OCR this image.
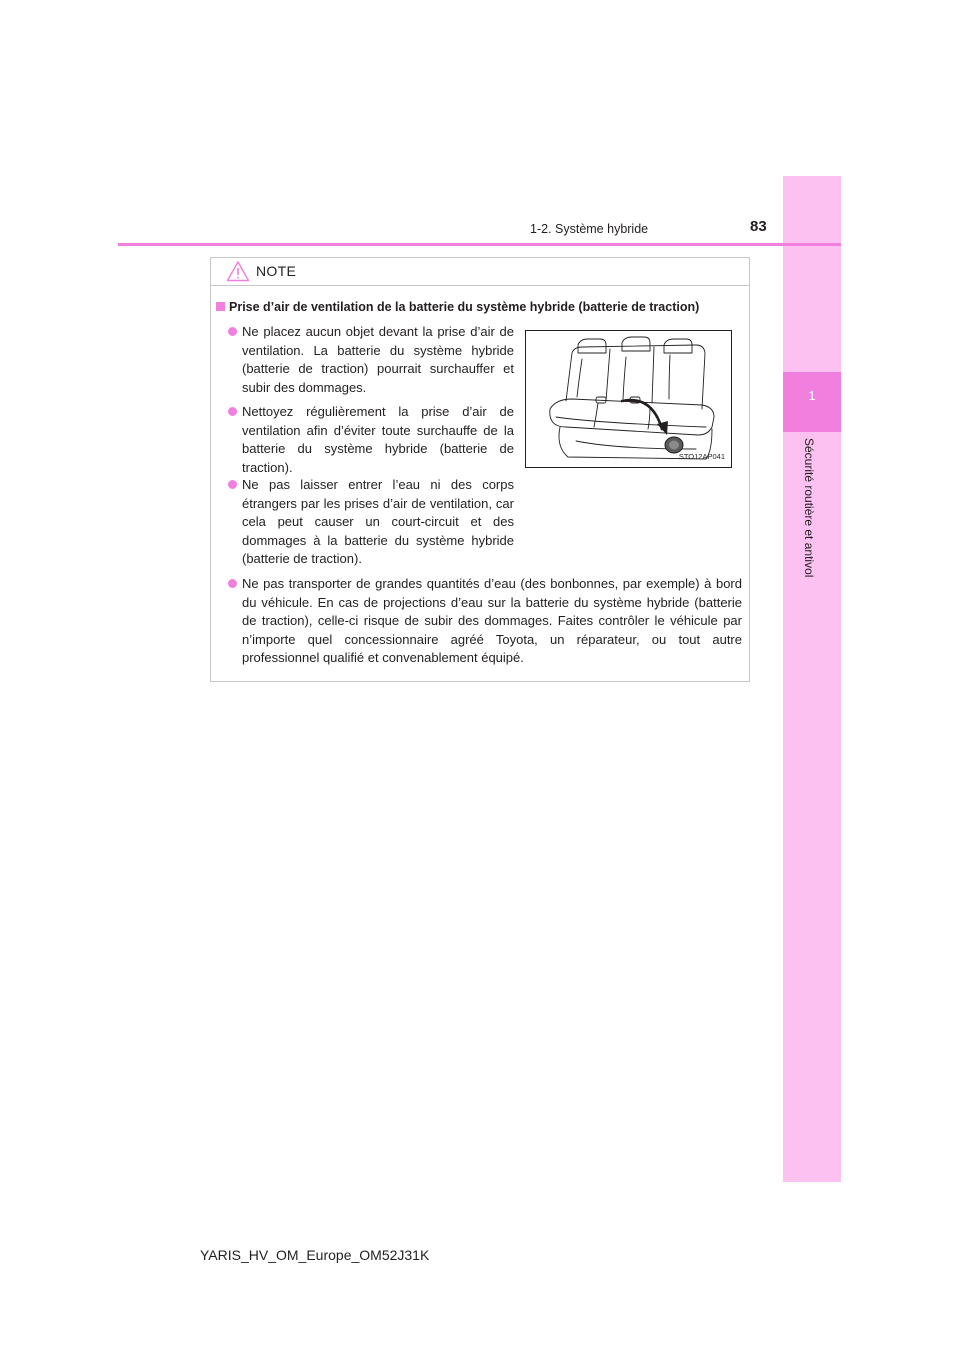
1
Sécurité routière et antivol
1-2. Système hybride	83
NOTE
Prise d’air de ventilation de la batterie du système hybride (batterie de traction)
Ne placez aucun objet devant la prise d’air de ventilation. La batterie du système hybride (batterie de traction) pourrait surchauffer et subir des dommages.
Nettoyez régulièrement la prise d’air de ventilation afin d’éviter toute surchauffe de la batterie du système hybride (batterie de traction).
Ne pas laisser entrer l’eau ni des corps étrangers par les prises d’air de ventilation, car cela peut causer un court-circuit et des dommages à la batterie du système hybride (batterie de traction).
Ne pas transporter de grandes quantités d’eau (des bonbonnes, par exemple) à bord du véhicule. En cas de projections d’eau sur la batterie du système hybride (batterie de traction), celle-ci risque de subir des dommages. Faites contrôler le véhicule par n’importe quel concessionnaire agréé Toyota, un réparateur, ou tout autre professionnel qualifié et convenablement équipé.
STO12AP041
YARIS_HV_OM_Europe_OM52J31K
